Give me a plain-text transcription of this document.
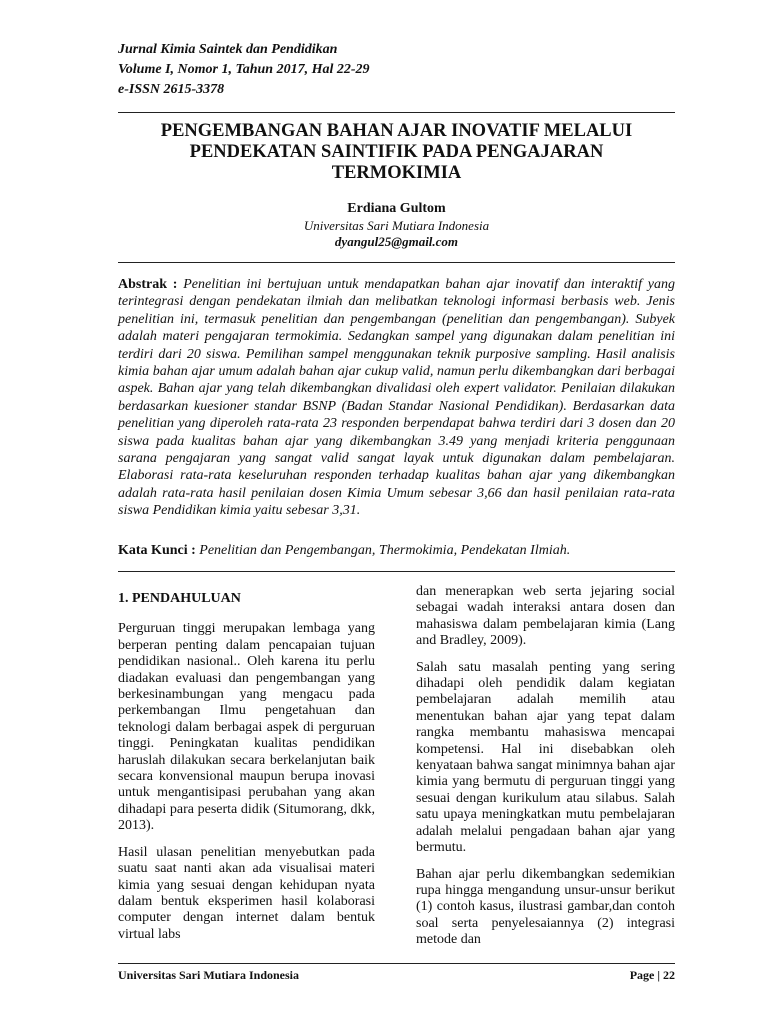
Jurnal Kimia Saintek dan Pendidikan
Volume I, Nomor 1, Tahun 2017, Hal 22-29
e-ISSN 2615-3378
PENGEMBANGAN BAHAN AJAR INOVATIF MELALUI
PENDEKATAN SAINTIFIK PADA PENGAJARAN
TERMOKIMIA
Erdiana Gultom
Universitas Sari Mutiara Indonesia
dyangul25@gmail.com
Abstrak : Penelitian ini bertujuan untuk mendapatkan bahan ajar inovatif dan interaktif yang terintegrasi dengan pendekatan ilmiah dan melibatkan teknologi informasi berbasis web. Jenis penelitian ini, termasuk penelitian dan pengembangan (penelitian dan pengembangan). Subyek adalah materi pengajaran termokimia. Sedangkan sampel yang digunakan dalam penelitian ini terdiri dari 20 siswa. Pemilihan sampel menggunakan teknik purposive sampling. Hasil analisis kimia bahan ajar umum adalah bahan ajar cukup valid, namun perlu dikembangkan dari berbagai aspek. Bahan ajar yang telah dikembangkan divalidasi oleh expert validator. Penilaian dilakukan berdasarkan kuesioner standar BSNP (Badan Standar Nasional Pendidikan). Berdasarkan data penelitian yang diperoleh rata-rata 23 responden berpendapat bahwa terdiri dari 3 dosen dan 20 siswa pada kualitas bahan ajar yang dikembangkan 3.49 yang menjadi kriteria penggunaan sarana pengajaran yang sangat valid sangat layak untuk digunakan dalam pembelajaran. Elaborasi rata-rata keseluruhan responden terhadap kualitas bahan ajar yang dikembangkan adalah rata-rata hasil penilaian dosen Kimia Umum sebesar 3,66 dan hasil penilaian rata-rata siswa Pendidikan kimia yaitu sebesar 3,31.
Kata Kunci : Penelitian dan Pengembangan, Thermokimia, Pendekatan Ilmiah.
1. PENDAHULUAN

Perguruan tinggi merupakan lembaga yang berperan penting dalam pencapaian tujuan pendidikan nasional.. Oleh karena itu perlu diadakan evaluasi dan pengembangan yang berkesinambungan yang mengacu pada perkembangan Ilmu pengetahuan dan teknologi dalam berbagai aspek di perguruan tinggi. Peningkatan kualitas pendidikan haruslah dilakukan secara berkelanjutan baik secara konvensional maupun berupa inovasi untuk mengantisipasi perubahan yang akan dihadapi para peserta didik (Situmorang, dkk, 2013).

Hasil ulasan penelitian menyebutkan pada suatu saat nanti akan ada visualisai materi kimia yang sesuai dengan kehidupan nyata dalam bentuk eksperimen hasil kolaborasi computer dengan internet dalam bentuk virtual labs

dan menerapkan web serta jejaring social sebagai wadah interaksi antara dosen dan mahasiswa dalam pembelajaran kimia (Lang and Bradley, 2009).

Salah satu masalah penting yang sering dihadapi oleh pendidik dalam kegiatan pembelajaran adalah memilih atau menentukan bahan ajar yang tepat dalam rangka membantu mahasiswa mencapai kompetensi. Hal ini disebabkan oleh kenyataan bahwa sangat minimnya bahan ajar kimia yang bermutu di perguruan tinggi yang sesuai dengan kurikulum atau silabus. Salah satu upaya meningkatkan mutu pembelajaran adalah melalui pengadaan bahan ajar yang bermutu.

Bahan ajar perlu dikembangkan sedemikian rupa hingga mengandung unsur-unsur berikut (1) contoh kasus, ilustrasi gambar,dan contoh soal serta penyelesaiannya (2) integrasi metode dan

Universitas Sari Mutiara Indonesia	Page | 22
